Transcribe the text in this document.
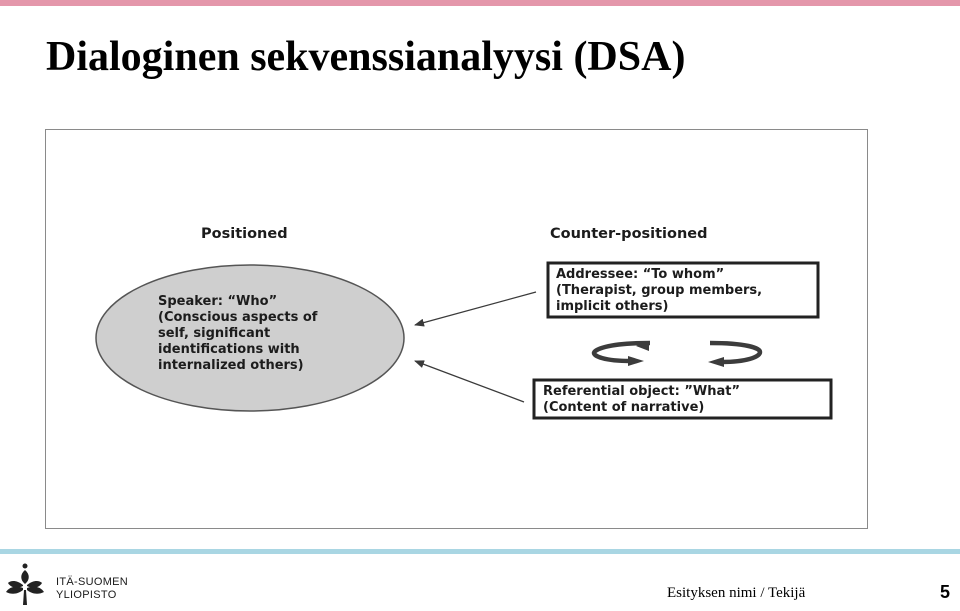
Dialoginen sekvenssianalyysi (DSA)
Positioned	Counter-positioned
Speaker: “Who” (Conscious aspects of self, significant identifications with internalized others)
Addressee: “To whom” (Therapist, group members, implicit others)
Referential object: ”What” (Content of narrative)
ITÄ-SUOMEN
YLIOPISTO	Esityksen nimi / Tekijä	5
